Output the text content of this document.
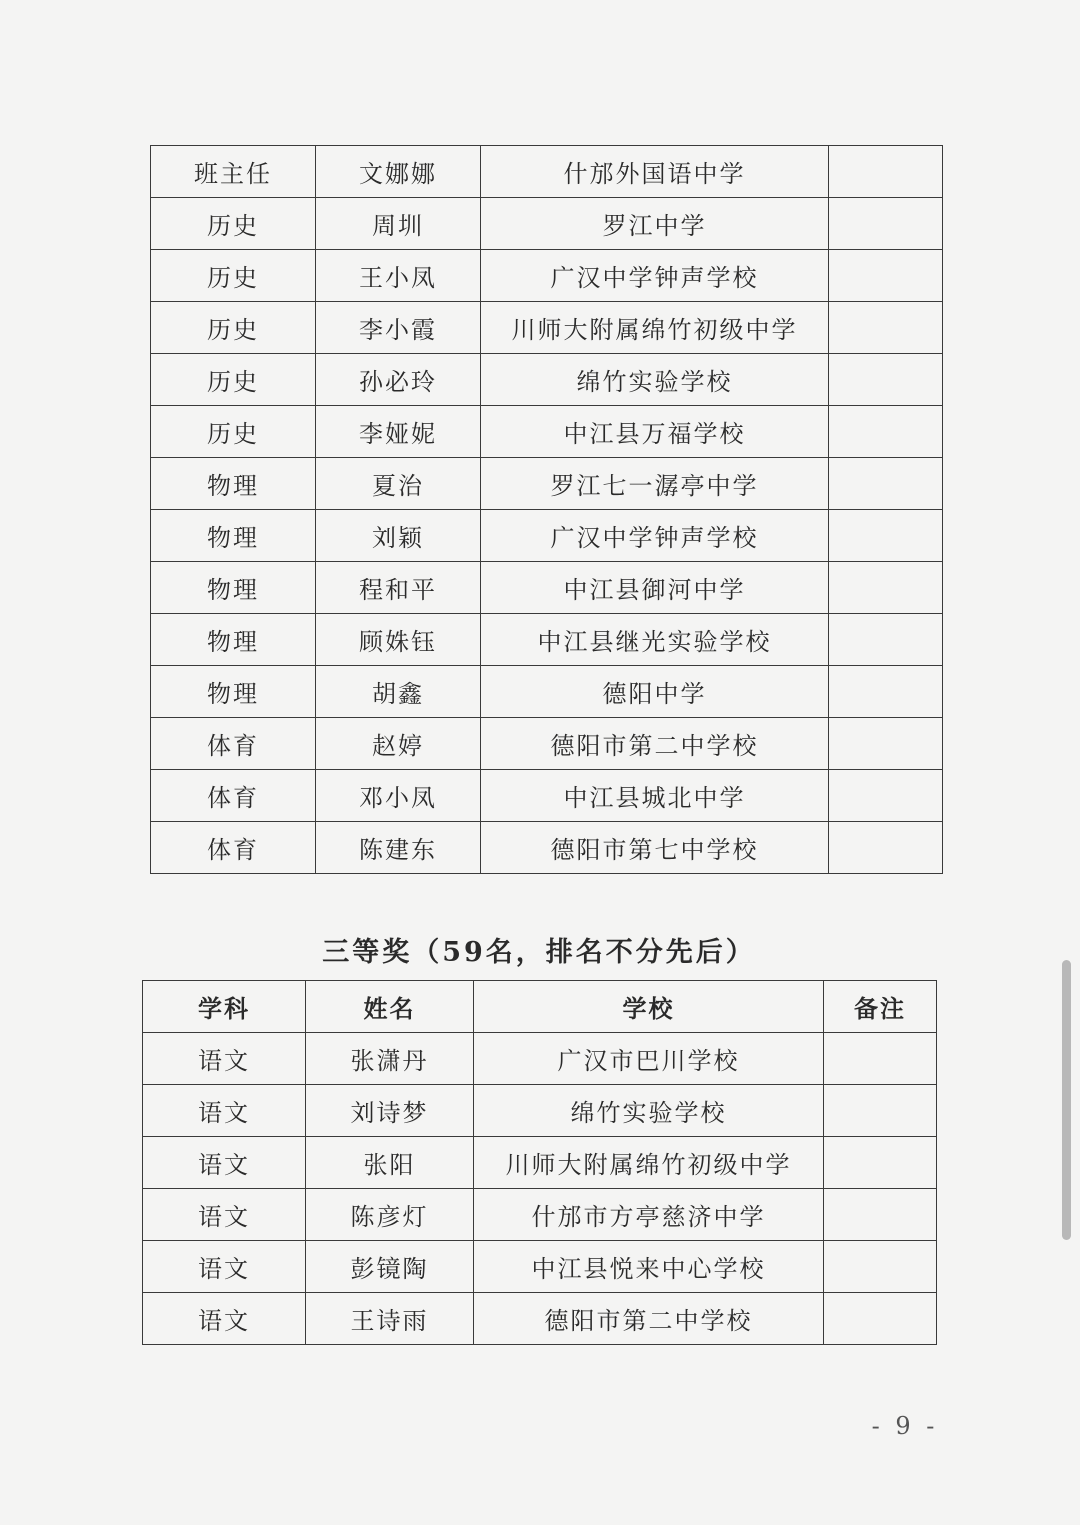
班主任	文娜娜	什邡外国语中学	
历史	周圳	罗江中学	
历史	王小凤	广汉中学钟声学校	
历史	李小霞	川师大附属绵竹初级中学	
历史	孙必玲	绵竹实验学校	
历史	李娅妮	中江县万福学校	
物理	夏治	罗江七一潺亭中学	
物理	刘颖	广汉中学钟声学校	
物理	程和平	中江县御河中学	
物理	顾姝钰	中江县继光实验学校	
物理	胡鑫	德阳中学	
体育	赵婷	德阳市第二中学校	
体育	邓小凤	中江县城北中学	
体育	陈建东	德阳市第七中学校	
三等奖（59名，排名不分先后）
学科	姓名	学校	备注
语文	张潇丹	广汉市巴川学校	
语文	刘诗梦	绵竹实验学校	
语文	张阳	川师大附属绵竹初级中学	
语文	陈彦灯	什邡市方亭慈济中学	
语文	彭镜陶	中江县悦来中心学校	
语文	王诗雨	德阳市第二中学校	
- 9 -
